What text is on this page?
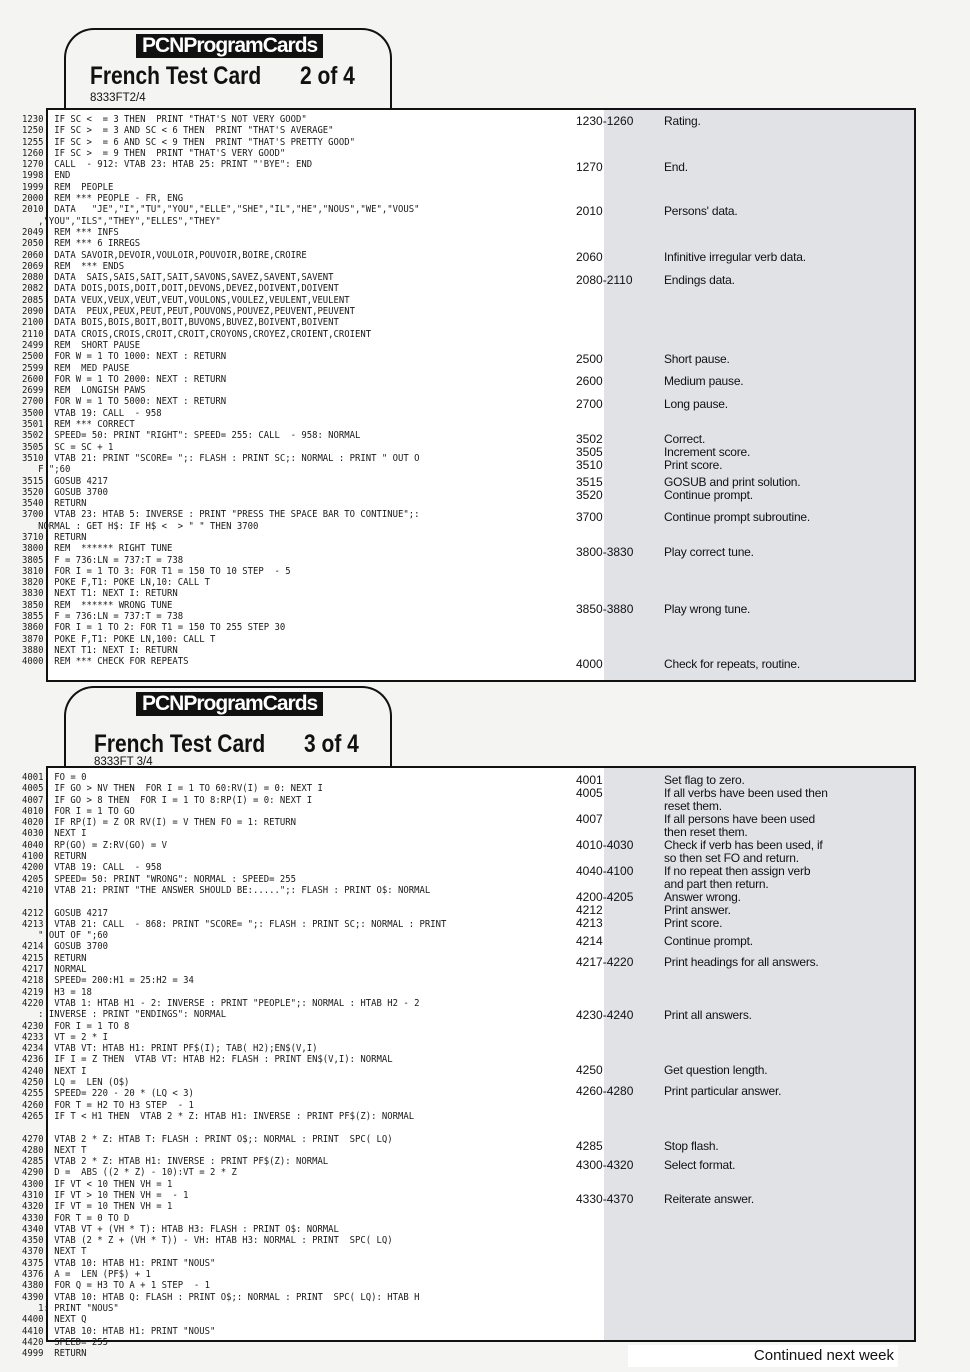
PCNProgramCards
French Test Card 2 of 4
8333FT2/4
1230  IF SC <  = 3 THEN  PRINT "THAT'S NOT VERY GOOD"
1250  IF SC >  = 3 AND SC < 6 THEN  PRINT "THAT'S AVERAGE"
1255  IF SC >  = 6 AND SC < 9 THEN  PRINT "THAT'S PRETTY GOOD"
1260  IF SC >  = 9 THEN  PRINT "THAT'S VERY GOOD"
1270  CALL  - 912: VTAB 23: HTAB 25: PRINT "'BYE": END
1998  END
1999  REM  PEOPLE
2000  REM *** PEOPLE - FR, ENG
2010  DATA   "JE","I","TU","YOU","ELLE","SHE","IL","HE","NOUS","WE","VOUS"
,"YOU","ILS","THEY","ELLES","THEY"
2049  REM *** INFS
2050  REM *** 6 IRREGS
2060  DATA SAVOIR,DEVOIR,VOULOIR,POUVOIR,BOIRE,CROIRE
2069  REM  *** ENDS
2080  DATA  SAIS,SAIS,SAIT,SAIT,SAVONS,SAVEZ,SAVENT,SAVENT
2082  DATA DOIS,DOIS,DOIT,DOIT,DEVONS,DEVEZ,DOIVENT,DOIVENT
2085  DATA VEUX,VEUX,VEUT,VEUT,VOULONS,VOULEZ,VEULENT,VEULENT
2090  DATA  PEUX,PEUX,PEUT,PEUT,POUVONS,POUVEZ,PEUVENT,PEUVENT
2100  DATA BOIS,BOIS,BOIT,BOIT,BUVONS,BUVEZ,BOIVENT,BOIVENT
2110  DATA CROIS,CROIS,CROIT,CROIT,CROYONS,CROYEZ,CROIENT,CROIENT
2499  REM  SHORT PAUSE
2500  FOR W = 1 TO 1000: NEXT : RETURN
2599  REM  MED PAUSE
2600  FOR W = 1 TO 2000: NEXT : RETURN
2699  REM  LONGISH PAWS
2700  FOR W = 1 TO 5000: NEXT : RETURN
3500  VTAB 19: CALL  - 958
3501  REM *** CORRECT
3502  SPEED= 50: PRINT "RIGHT": SPEED= 255: CALL  - 958: NORMAL
3505  SC = SC + 1
3510  VTAB 21: PRINT "SCORE= ";: FLASH : PRINT SC;: NORMAL : PRINT " OUT O
F ";60
3515  GOSUB 4217
3520  GOSUB 3700
3540  RETURN
3700  VTAB 23: HTAB 5: INVERSE : PRINT "PRESS THE SPACE BAR TO CONTINUE";:
NORMAL : GET H$: IF H$ <  > " " THEN 3700
3710  RETURN
3800  REM  ****** RIGHT TUNE
3805  F = 736:LN = 737:T = 738
3810  FOR I = 1 TO 3: FOR T1 = 150 TO 10 STEP  - 5
3820  POKE F,T1: POKE LN,10: CALL T
3830  NEXT T1: NEXT I: RETURN
3850  REM  ****** WRONG TUNE
3855  F = 736:LN = 737:T = 738
3860  FOR I = 1 TO 2: FOR T1 = 150 TO 255 STEP 30
3870  POKE F,T1: POKE LN,100: CALL T
3880  NEXT T1: NEXT I: RETURN
4000  REM *** CHECK FOR REPEATS
1230-1260	Rating.
1270	End.
2010	Persons' data.
2060	Infinitive irregular verb data.
2080-2110	Endings data.
2500	Short pause.
2600	Medium pause.
2700	Long pause.
3502	Correct.
3505	Increment score.
3510	Print score.
3515	GOSUB and print solution.
3520	Continue prompt.
3700	Continue prompt subroutine.
3800-3830	Play correct tune.
3850-3880	Play wrong tune.
4000	Check for repeats, routine.
PCNProgramCards
French Test Card 3 of 4
8333FT 3/4
4001  FO = 0
4005  IF GO > NV THEN  FOR I = 1 TO 60:RV(I) = 0: NEXT I
4007  IF GO > 8 THEN  FOR I = 1 TO 8:RP(I) = 0: NEXT I
4010  FOR I = 1 TO GO
4020  IF RP(I) = Z OR RV(I) = V THEN FO = 1: RETURN
4030  NEXT I
4040  RP(GO) = Z:RV(GO) = V
4100  RETURN
4200  VTAB 19: CALL  - 958
4205  SPEED= 50: PRINT "WRONG": NORMAL : SPEED= 255
4210  VTAB 21: PRINT "THE ANSWER SHOULD BE:.....";: FLASH : PRINT O$: NORMAL

4212  GOSUB 4217
4213  VTAB 21: CALL  - 868: PRINT "SCORE= ";: FLASH : PRINT SC;: NORMAL : PRINT
" OUT OF ";60
4214  GOSUB 3700
4215  RETURN
4217  NORMAL
4218  SPEED= 200:H1 = 25:H2 = 34
4219  H3 = 18
4220  VTAB 1: HTAB H1 - 2: INVERSE : PRINT "PEOPLE";: NORMAL : HTAB H2 - 2
: INVERSE : PRINT "ENDINGS": NORMAL
4230  FOR I = 1 TO 8
4233  VT = 2 * I
4234  VTAB VT: HTAB H1: PRINT PF$(I); TAB( H2);EN$(V,I)
4236  IF I = Z THEN  VTAB VT: HTAB H2: FLASH : PRINT EN$(V,I): NORMAL
4240  NEXT I
4250  LQ =  LEN (O$)
4255  SPEED= 220 - 20 * (LQ < 3)
4260  FOR T = H2 TO H3 STEP  - 1
4265  IF T < H1 THEN  VTAB 2 * Z: HTAB H1: INVERSE : PRINT PF$(Z): NORMAL

4270  VTAB 2 * Z: HTAB T: FLASH : PRINT O$;: NORMAL : PRINT  SPC( LQ)
4280  NEXT T
4285  VTAB 2 * Z: HTAB H1: INVERSE : PRINT PF$(Z): NORMAL
4290  D =  ABS ((2 * Z) - 10):VT = 2 * Z
4300  IF VT < 10 THEN VH = 1
4310  IF VT > 10 THEN VH =  - 1
4320  IF VT = 10 THEN VH = 1
4330  FOR T = 0 TO D
4340  VTAB VT + (VH * T): HTAB H3: FLASH : PRINT O$: NORMAL
4350  VTAB (2 * Z + (VH * T)) - VH: HTAB H3: NORMAL : PRINT  SPC( LQ)
4370  NEXT T
4375  VTAB 10: HTAB H1: PRINT "NOUS"
4376  A =  LEN (PF$) + 1
4380  FOR Q = H3 TO A + 1 STEP  - 1
4390  VTAB 10: HTAB Q: FLASH : PRINT O$;: NORMAL : PRINT  SPC( LQ): HTAB H
1: PRINT "NOUS"
4400  NEXT Q
4410  VTAB 10: HTAB H1: PRINT "NOUS"
4420  SPEED= 255
4999  RETURN
4001	Set flag to zero.
4005	If all verbs have been used then
reset them.
4007	If all persons have been used
then reset them.
4010-4030	Check if verb has been used, if
so then set FO and return.
4040-4100	If no repeat then assign verb
and part then return.
4200-4205	Answer wrong.
4212	Print answer.
4213	Print score.
4214	Continue prompt.
4217-4220	Print headings for all answers.
4230-4240	Print all answers.
4250	Get question length.
4260-4280	Print particular answer.
4285	Stop flash.
4300-4320	Select format.
4330-4370	Reiterate answer.
Continued next week
